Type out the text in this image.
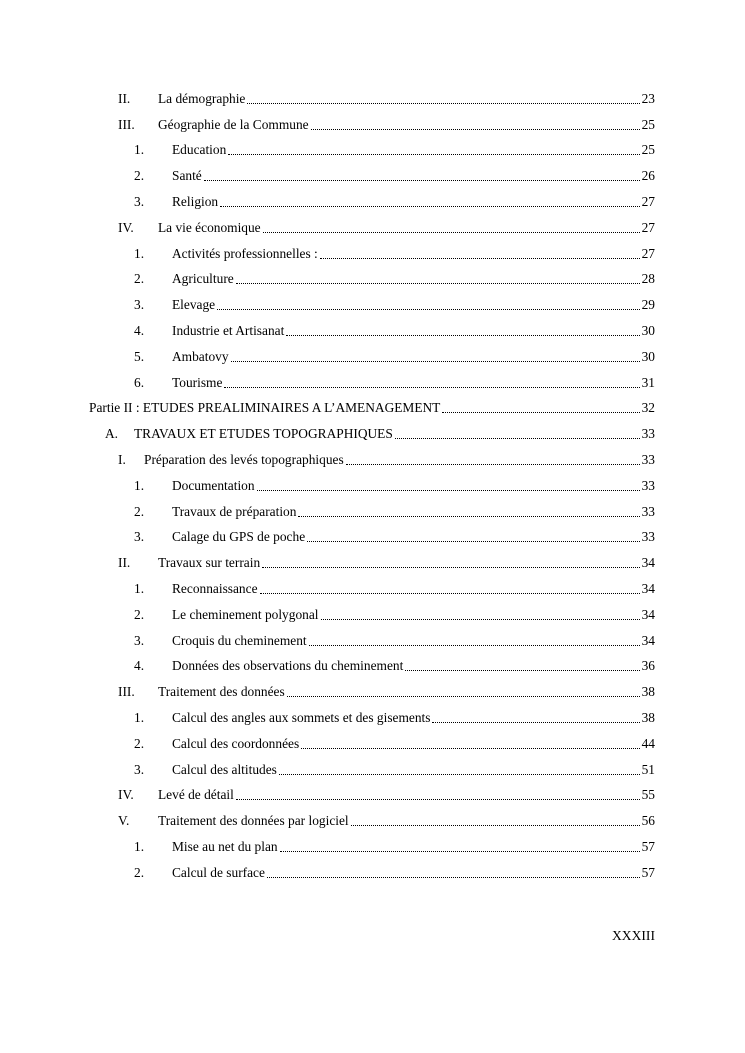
II. La démographie	23
III. Géographie de la Commune	25
1. Education	25
2. Santé	26
3. Religion	27
IV. La vie économique	27
1. Activités professionnelles :	27
2. Agriculture	28
3. Elevage	29
4. Industrie et Artisanat	30
5. Ambatovy	30
6. Tourisme	31
Partie II : ETUDES PREALIMINAIRES A L’AMENAGEMENT	32
A. TRAVAUX ET ETUDES TOPOGRAPHIQUES	33
I. Préparation des levés topographiques	33
1. Documentation	33
2. Travaux de préparation	33
3. Calage du GPS de poche	33
II. Travaux sur terrain	34
1. Reconnaissance	34
2. Le cheminement polygonal	34
3. Croquis du cheminement	34
4. Données des observations du cheminement	36
III. Traitement des données	38
1. Calcul des angles aux sommets et des gisements	38
2. Calcul des coordonnées	44
3. Calcul des altitudes	51
IV. Levé de détail	55
V. Traitement des données par logiciel	56
1. Mise au net du plan	57
2. Calcul de surface	57
XXXIII
